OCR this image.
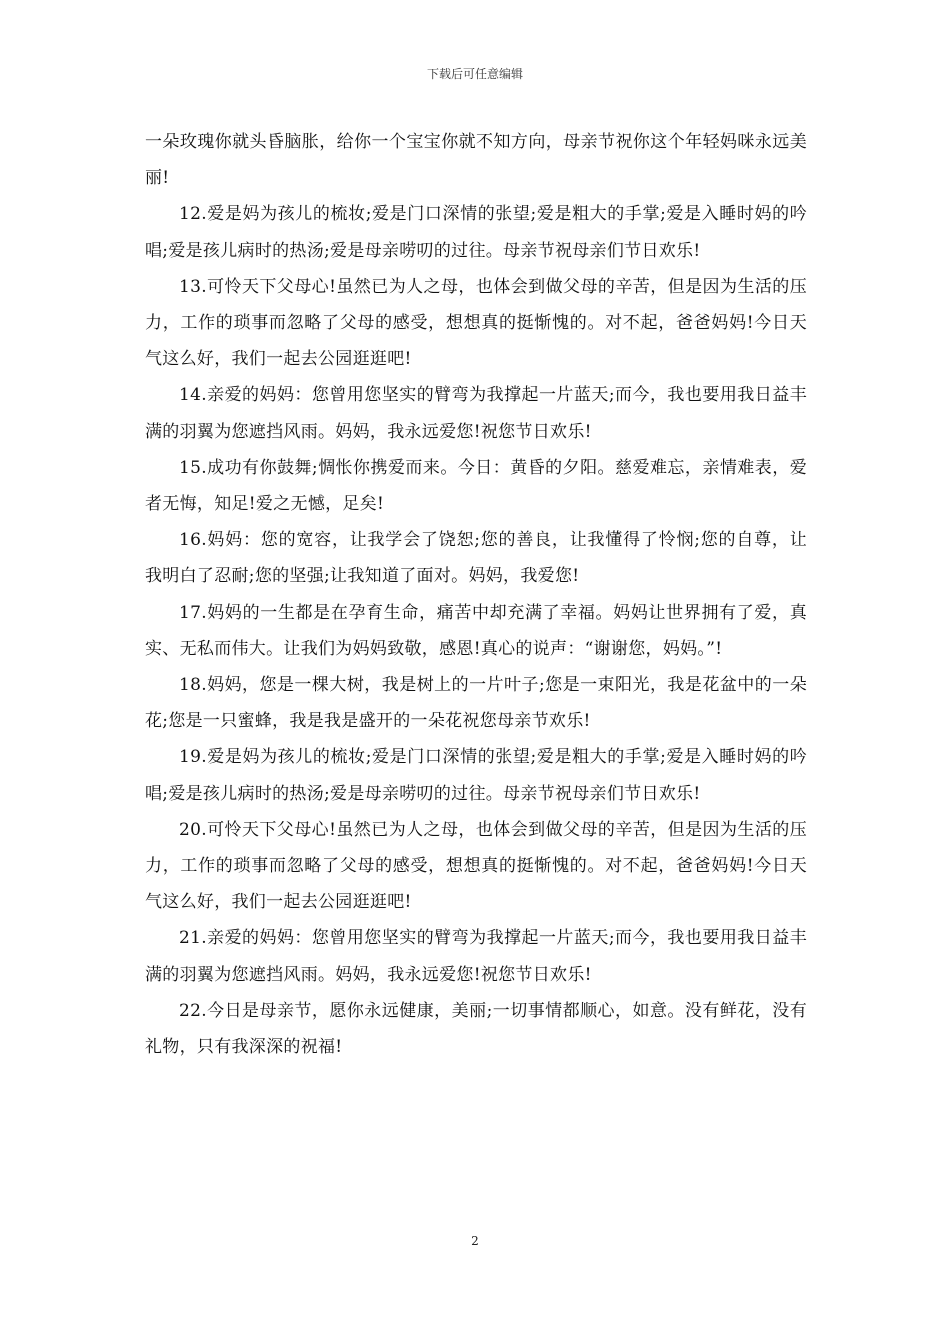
下载后可任意编辑

一朵玫瑰你就头昏脑胀，给你一个宝宝你就不知方向，母亲节祝你这个年轻妈咪永远美丽!

12.爱是妈为孩儿的梳妆;爱是门口深情的张望;爱是粗大的手掌;爱是入睡时妈的吟唱;爱是孩儿病时的热汤;爱是母亲唠叨的过往。母亲节祝母亲们节日欢乐!

13.可怜天下父母心!虽然已为人之母，也体会到做父母的辛苦，但是因为生活的压力，工作的琐事而忽略了父母的感受，想想真的挺惭愧的。对不起，爸爸妈妈!今日天气这么好，我们一起去公园逛逛吧!

14.亲爱的妈妈：您曾用您坚实的臂弯为我撑起一片蓝天;而今，我也要用我日益丰满的羽翼为您遮挡风雨。妈妈，我永远爱您!祝您节日欢乐!

15.成功有你鼓舞;惆怅你携爱而来。今日：黄昏的夕阳。慈爱难忘，亲情难表，爱者无悔，知足!爱之无憾，足矣!

16.妈妈：您的宽容，让我学会了饶恕;您的善良，让我懂得了怜悯;您的自尊，让我明白了忍耐;您的坚强;让我知道了面对。妈妈，我爱您!

17.妈妈的一生都是在孕育生命，痛苦中却充满了幸福。妈妈让世界拥有了爱，真实、无私而伟大。让我们为妈妈致敬，感恩!真心的说声：“谢谢您，妈妈。”!

18.妈妈，您是一棵大树，我是树上的一片叶子;您是一束阳光，我是花盆中的一朵花;您是一只蜜蜂，我是我是盛开的一朵花祝您母亲节欢乐!

19.爱是妈为孩儿的梳妆;爱是门口深情的张望;爱是粗大的手掌;爱是入睡时妈的吟唱;爱是孩儿病时的热汤;爱是母亲唠叨的过往。母亲节祝母亲们节日欢乐!

20.可怜天下父母心!虽然已为人之母，也体会到做父母的辛苦，但是因为生活的压力，工作的琐事而忽略了父母的感受，想想真的挺惭愧的。对不起，爸爸妈妈!今日天气这么好，我们一起去公园逛逛吧!

21.亲爱的妈妈：您曾用您坚实的臂弯为我撑起一片蓝天;而今，我也要用我日益丰满的羽翼为您遮挡风雨。妈妈，我永远爱您!祝您节日欢乐!

22.今日是母亲节，愿你永远健康，美丽;一切事情都顺心，如意。没有鲜花，没有礼物，只有我深深的祝福!

2
